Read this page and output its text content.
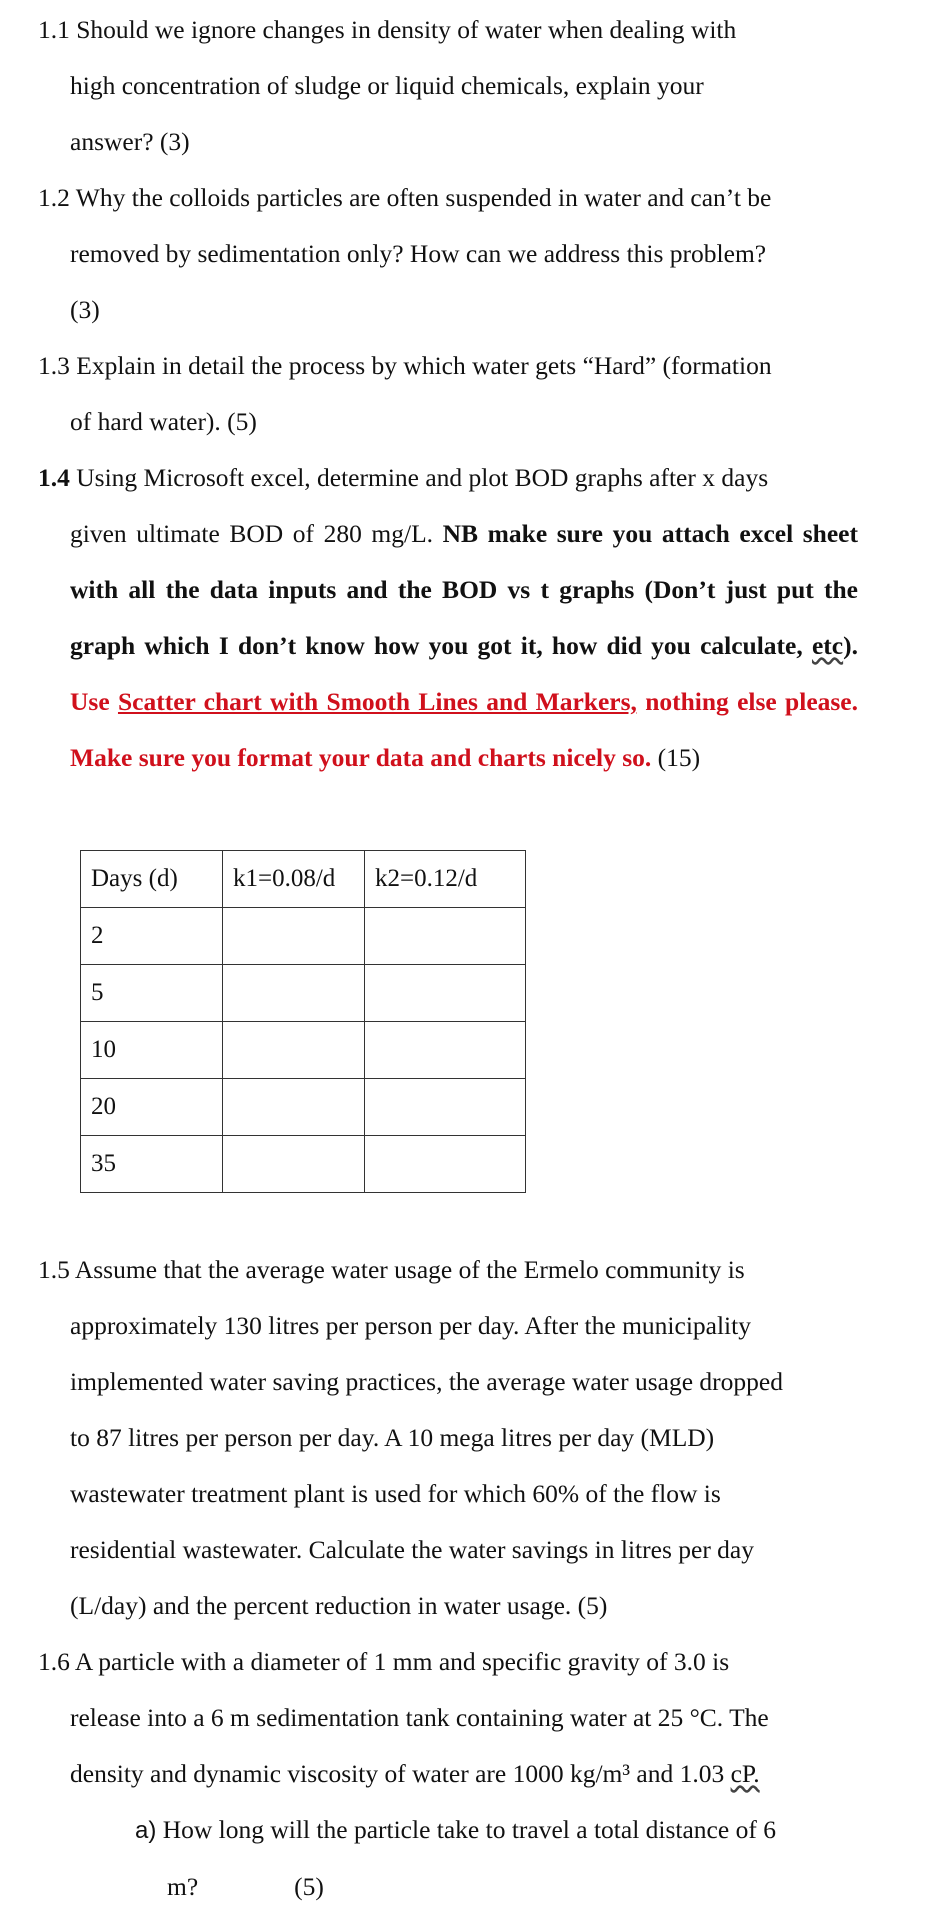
1.1 Should we ignore changes in density of water when dealing with
high concentration of sludge or liquid chemicals, explain your
answer? (3)
1.2 Why the colloids particles are often suspended in water and can’t be
removed by sedimentation only? How can we address this problem?
(3)
1.3 Explain in detail the process by which water gets “Hard” (formation
of hard water). (5)
1.4 Using Microsoft excel, determine and plot BOD graphs after x days
given ultimate BOD of 280 mg/L. NB make sure you attach excel sheet with all the data inputs and the BOD vs t graphs (Don’t just put the graph which I don’t know how you got it, how did you calculate, etc). Use Scatter chart with Smooth Lines and Markers, nothing else please. Make sure you format your data and charts nicely so. (15)
Days (d)	k1=0.08/d	k2=0.12/d
2		
5		
10		
20		
35		
1.5 Assume that the average water usage of the Ermelo community is
approximately 130 litres per person per day. After the municipality
implemented water saving practices, the average water usage dropped
to 87 litres per person per day. A 10 mega litres per day (MLD)
wastewater treatment plant is used for which 60% of the flow is
residential wastewater. Calculate the water savings in litres per day
(L/day) and the percent reduction in water usage. (5)
1.6 A particle with a diameter of 1 mm and specific gravity of 3.0 is
release into a 6 m sedimentation tank containing water at 25 °C. The
density and dynamic viscosity of water are 1000 kg/m³ and 1.03 cP.
a) How long will the particle take to travel a total distance of 6
m?	(5)
